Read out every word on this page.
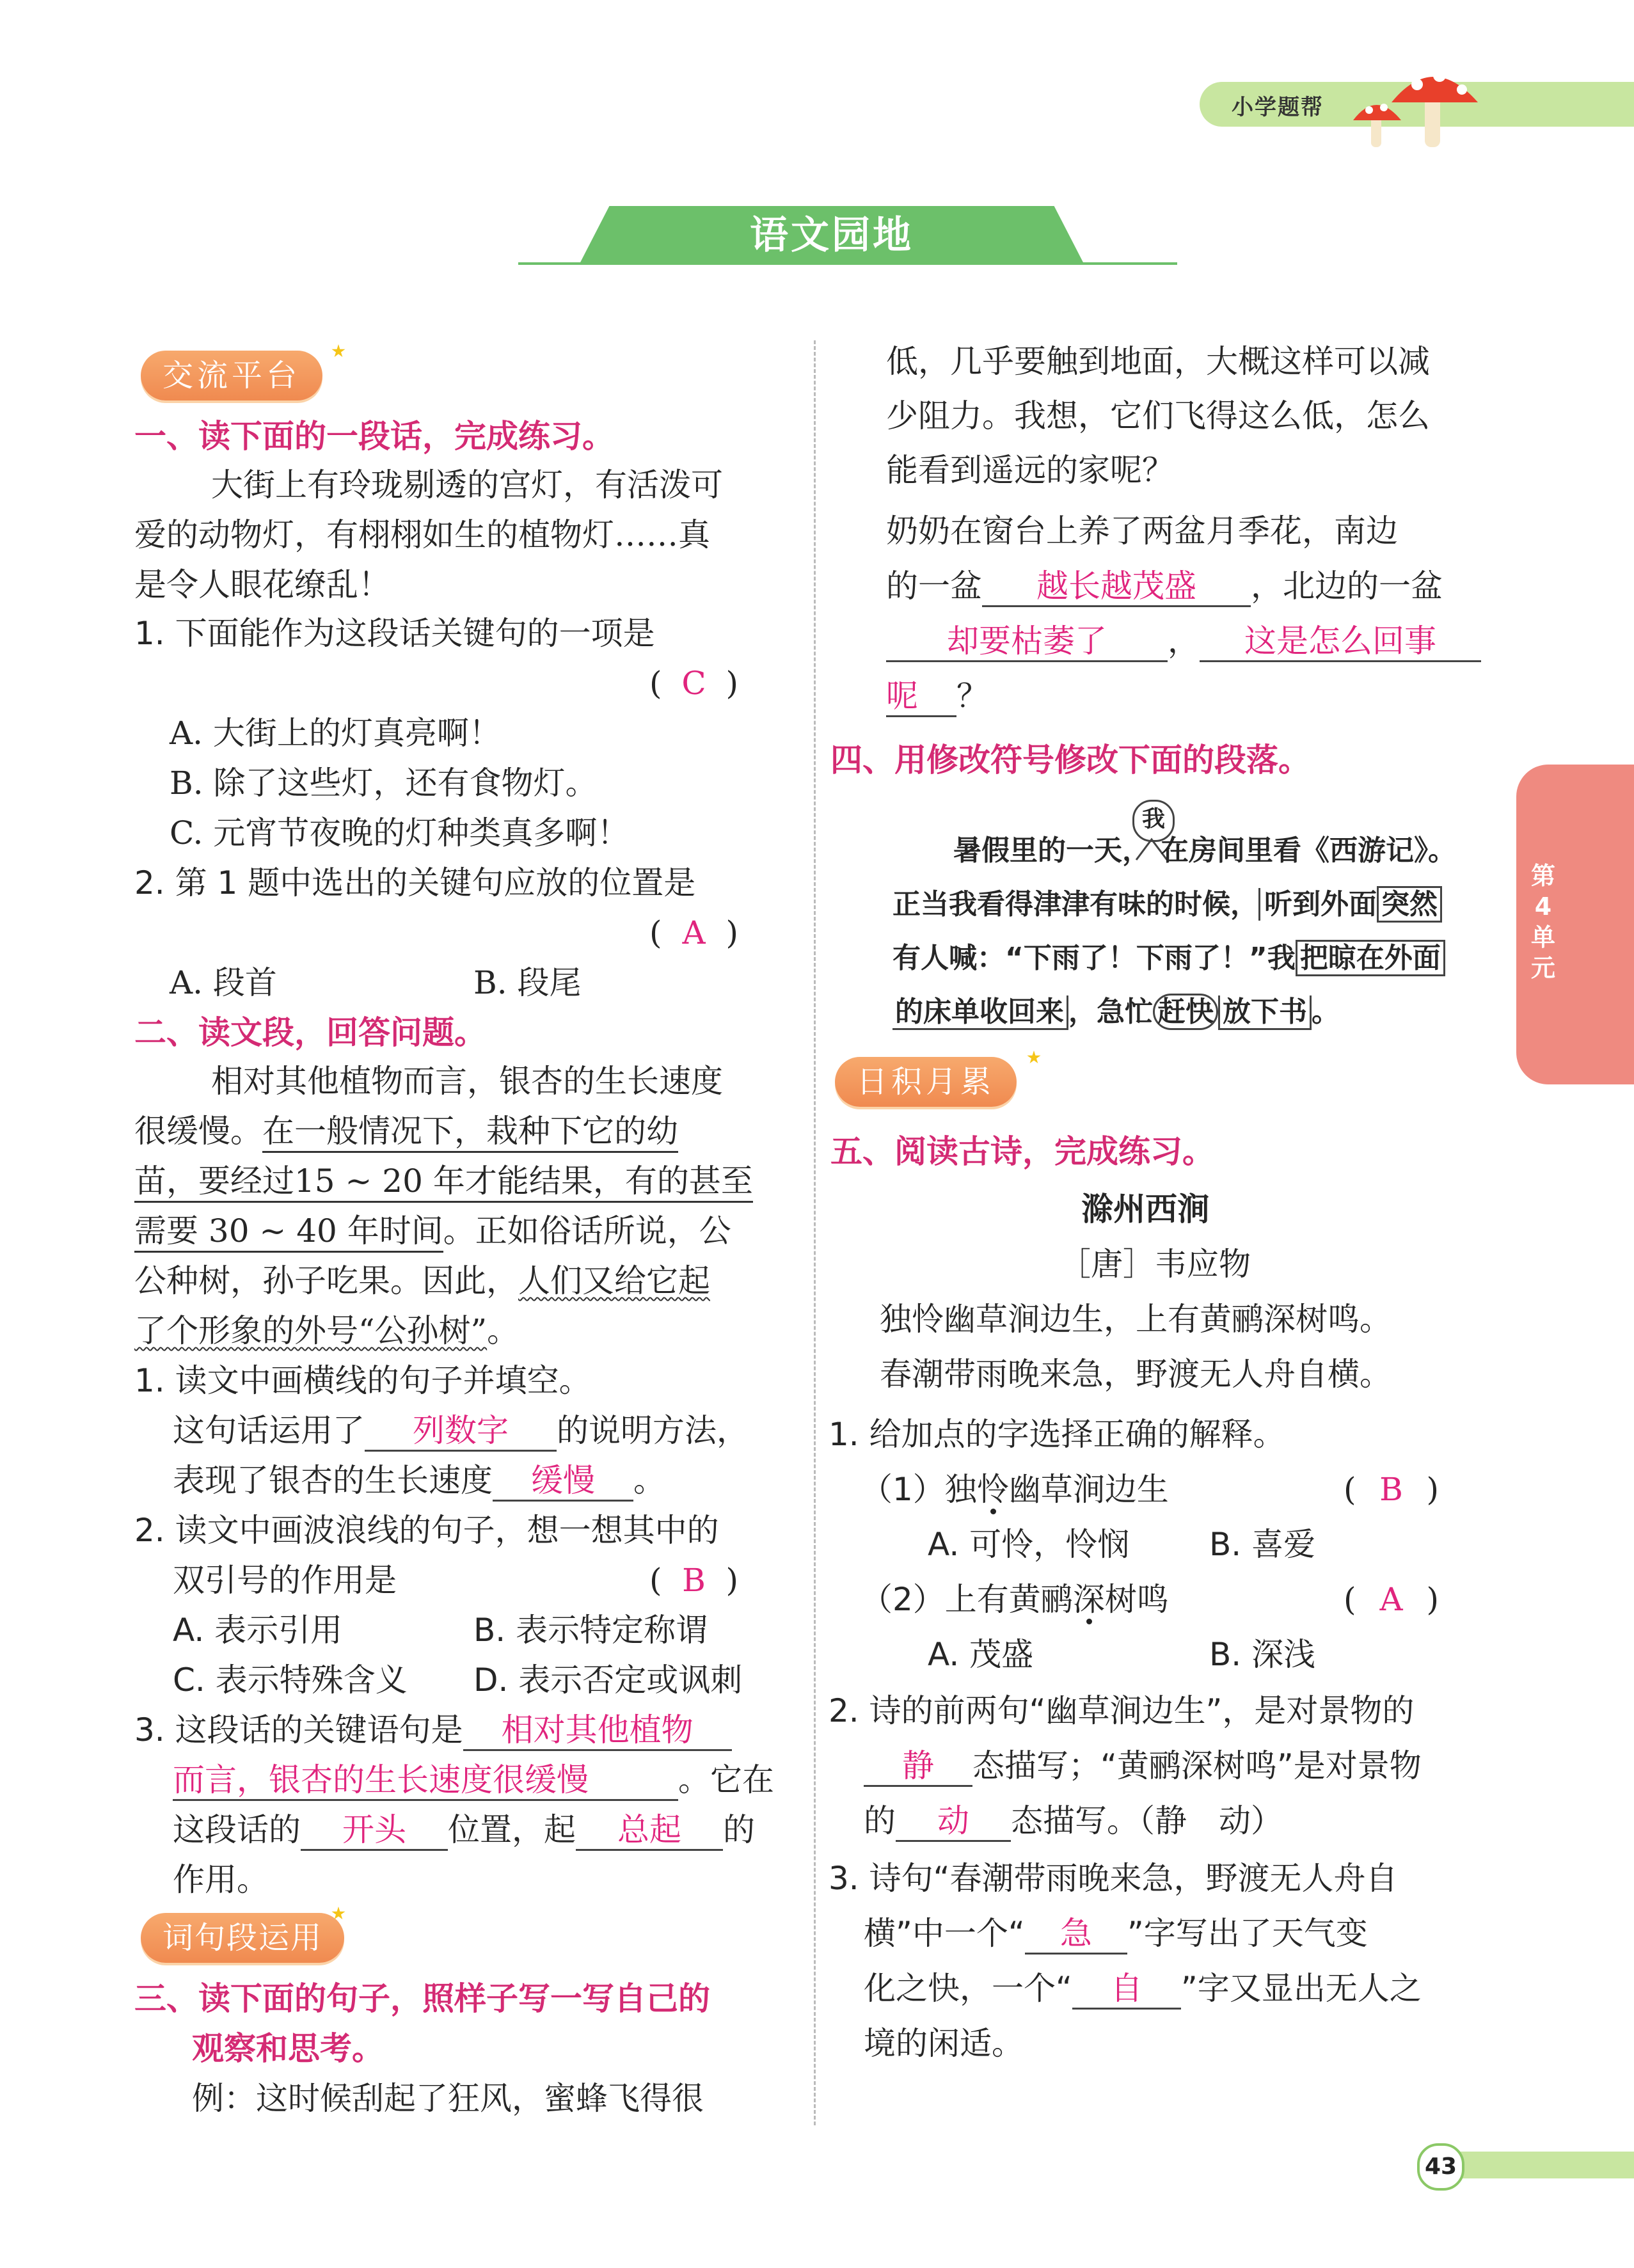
小学题帮
语文园地
第
4
单
元
交流平台
一、读下面的一段话，完成练习。
大街上有玲珑剔透的宫灯，有活泼可
爱的动物灯，有栩栩如生的植物灯……真
是令人眼花缭乱！
1. 下面能作为这段话关键句的一项是
( C )
A. 大街上的灯真亮啊！
B. 除了这些灯，还有食物灯。
C. 元宵节夜晚的灯种类真多啊！
2. 第 1 题中选出的关键句应放的位置是
( A )
A. 段首	B. 段尾
二、读文段，回答问题。
相对其他植物而言，银杏的生长速度
很缓慢。在一般情况下，栽种下它的幼
苗，要经过15 ~ 20 年才能结果，有的甚至
需要 30 ~ 40 年时间。正如俗话所说，公
公种树，孙子吃果。因此，人们又给它起
了个形象的外号“公孙树”。
1. 读文中画横线的句子并填空。
这句话运用了 列数字 的说明方法，
表现了银杏的生长速度 缓慢 。
2. 读文中画波浪线的句子，想一想其中的
双引号的作用是	( B )
A. 表示引用	B. 表示特定称谓
C. 表示特殊含义 D. 表示否定或讽刺
3. 这段话的关键语句是 相对其他植物
而言，银杏的生长速度很缓慢	。它在
这段话的 开头 位置，起 总起 的
作用。
词句段运用
三、读下面的句子，照样子写一写自己的
观察和思考。
例：这时候刮起了狂风，蜜蜂飞得很
低，几乎要触到地面，大概这样可以减
少阻力。我想，它们飞得这么低，怎么
能看到遥远的家呢？
奶奶在窗台上养了两盆月季花，南边
的一盆 越长越茂盛 ，北边的一盆
却要枯萎了 ， 这是怎么回事
呢 ？
四、用修改符号修改下面的段落。
我
暑假里的一天， 在房间里看《西游记》。
正当我看得津津有味的时候， 听到外面 突然
有人喊：“下雨了！下雨了！”我 把晾在外面
的床单收回来 ，急忙 赶快 放下书 。
日积月累
五、阅读古诗，完成练习。
滁州西涧
［唐］韦应物
独怜幽草涧边生，上有黄鹂深树鸣。
春潮带雨晚来急，野渡无人舟自横。
1. 给加点的字选择正确的解释。
（1）独怜幽草涧边生	( B )
A. 可怜，怜悯 B. 喜爱
（2）上有黄鹂深树鸣	( A )
A. 茂盛	B. 深浅
2. 诗的前两句“幽草涧边生”，是对景物的
静 态描写；“黄鹂深树鸣”是对景物
的 动 态描写。（静　动）
3. 诗句“春潮带雨晚来急，野渡无人舟自
横”中一个“ 急 ”字写出了天气变
化之快，一个“ 自 ”字又显出无人之
境的闲适。
43
